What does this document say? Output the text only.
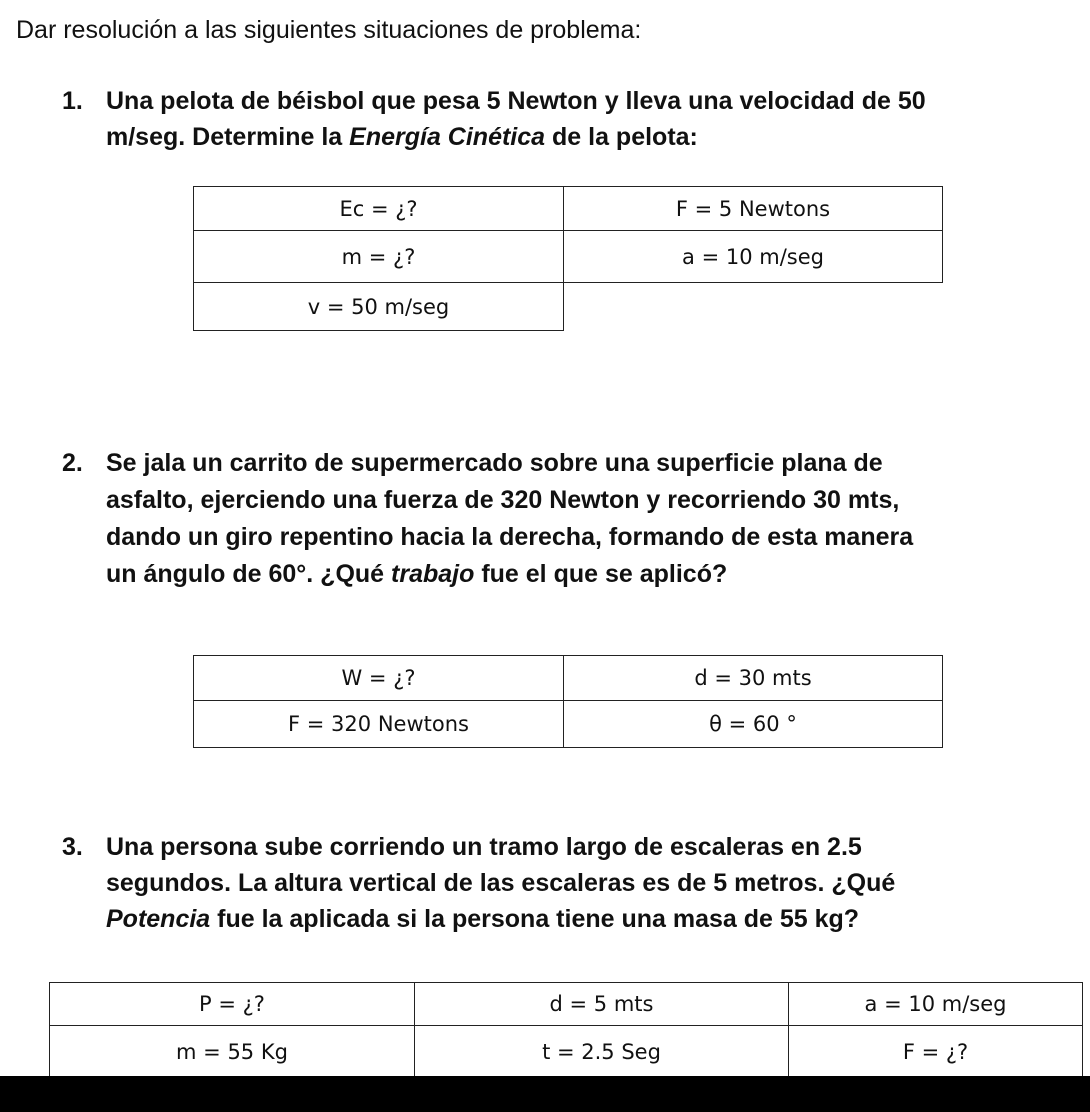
Dar resolución a las siguientes situaciones de problema:
1. Una pelota de béisbol que pesa 5 Newton y lleva una velocidad de 50
m/seg. Determine la Energía Cinética de la pelota:
Ec = ¿?	F = 5 Newtons
m = ¿?	a = 10 m/seg
v = 50 m/seg	
2. Se jala un carrito de supermercado sobre una superficie plana de
asfalto, ejerciendo una fuerza de 320 Newton y recorriendo 30 mts,
dando un giro repentino hacia la derecha, formando de esta manera
un ángulo de 60°. ¿Qué trabajo fue el que se aplicó?
W = ¿?	d = 30 mts
F = 320 Newtons	θ = 60 °
3. Una persona sube corriendo un tramo largo de escaleras en 2.5
segundos. La altura vertical de las escaleras es de 5 metros. ¿Qué
Potencia fue la aplicada si la persona tiene una masa de 55 kg?
P = ¿?	d = 5 mts	a = 10 m/seg
m = 55 Kg	t = 2.5 Seg	F = ¿?
